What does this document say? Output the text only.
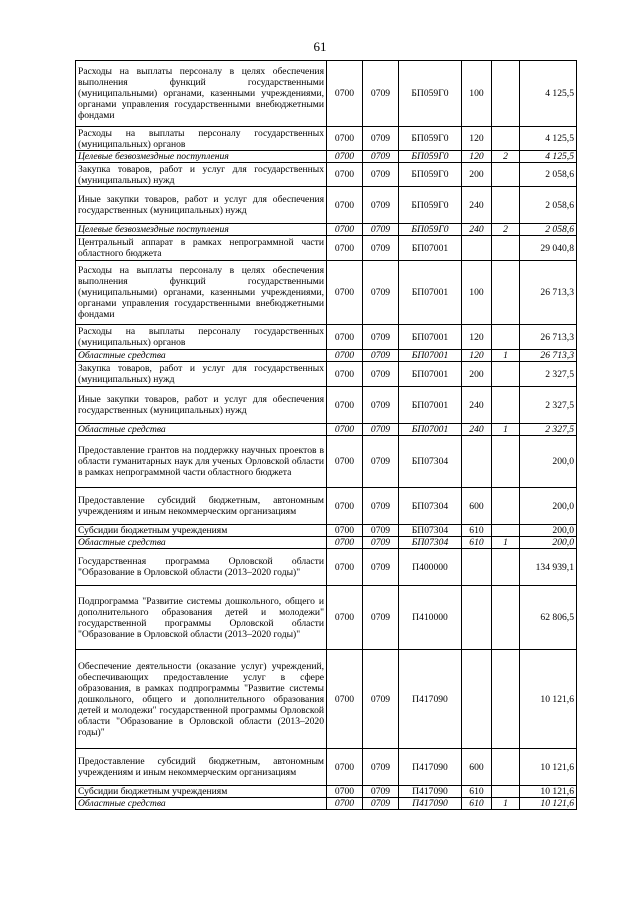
61
Расходы на выплаты персоналу в целях обеспечения выполнения функций государственными (муниципальными) органами, казенными учреждениями, органами управления государственными внебюджетными фондами	0700	0709	БП059Г0	100		4 125,5
Расходы на выплаты персоналу государственных (муниципальных) органов	0700	0709	БП059Г0	120		4 125,5
Целевые безвозмездные поступления	0700	0709	БП059Г0	120	2	4 125,5
Закупка товаров, работ и услуг для государственных (муниципальных) нужд	0700	0709	БП059Г0	200		2 058,6
Иные закупки товаров, работ и услуг для обеспечения государственных (муниципальных) нужд	0700	0709	БП059Г0	240		2 058,6
Целевые безвозмездные поступления	0700	0709	БП059Г0	240	2	2 058,6
Центральный аппарат в рамках непрограммной части областного бюджета	0700	0709	БП07001			29 040,8
Расходы на выплаты персоналу в целях обеспечения выполнения функций государственными (муниципальными) органами, казенными учреждениями, органами управления государственными внебюджетными фондами	0700	0709	БП07001	100		26 713,3
Расходы на выплаты персоналу государственных (муниципальных) органов	0700	0709	БП07001	120		26 713,3
Областные средства	0700	0709	БП07001	120	1	26 713,3
Закупка товаров, работ и услуг для государственных (муниципальных) нужд	0700	0709	БП07001	200		2 327,5
Иные закупки товаров, работ и услуг для обеспечения государственных (муниципальных) нужд	0700	0709	БП07001	240		2 327,5
Областные средства	0700	0709	БП07001	240	1	2 327,5
Предоставление грантов на поддержку научных проектов в области гуманитарных наук для ученых Орловской области в рамках непрограммной части областного бюджета	0700	0709	БП07304			200,0
Предоставление субсидий бюджетным, автономным учреждениям и иным некоммерческим организациям	0700	0709	БП07304	600		200,0
Субсидии бюджетным учреждениям	0700	0709	БП07304	610		200,0
Областные средства	0700	0709	БП07304	610	1	200,0
Государственная программа Орловской области "Образование в Орловской области (2013–2020 годы)"	0700	0709	П400000			134 939,1
Подпрограмма "Развитие системы дошкольного, общего и дополнительного образования детей и молодежи" государственной программы Орловской области "Образование в Орловской области (2013–2020 годы)"	0700	0709	П410000			62 806,5
Обеспечение деятельности (оказание услуг) учреждений, обеспечивающих предоставление услуг в сфере образования, в рамках подпрограммы "Развитие системы дошкольного, общего и дополнительного образования детей и молодежи" государственной программы Орловской области "Образование в Орловской области (2013–2020 годы)"	0700	0709	П417090			10 121,6
Предоставление субсидий бюджетным, автономным учреждениям и иным некоммерческим организациям	0700	0709	П417090	600		10 121,6
Субсидии бюджетным учреждениям	0700	0709	П417090	610		10 121,6
Областные средства	0700	0709	П417090	610	1	10 121,6
